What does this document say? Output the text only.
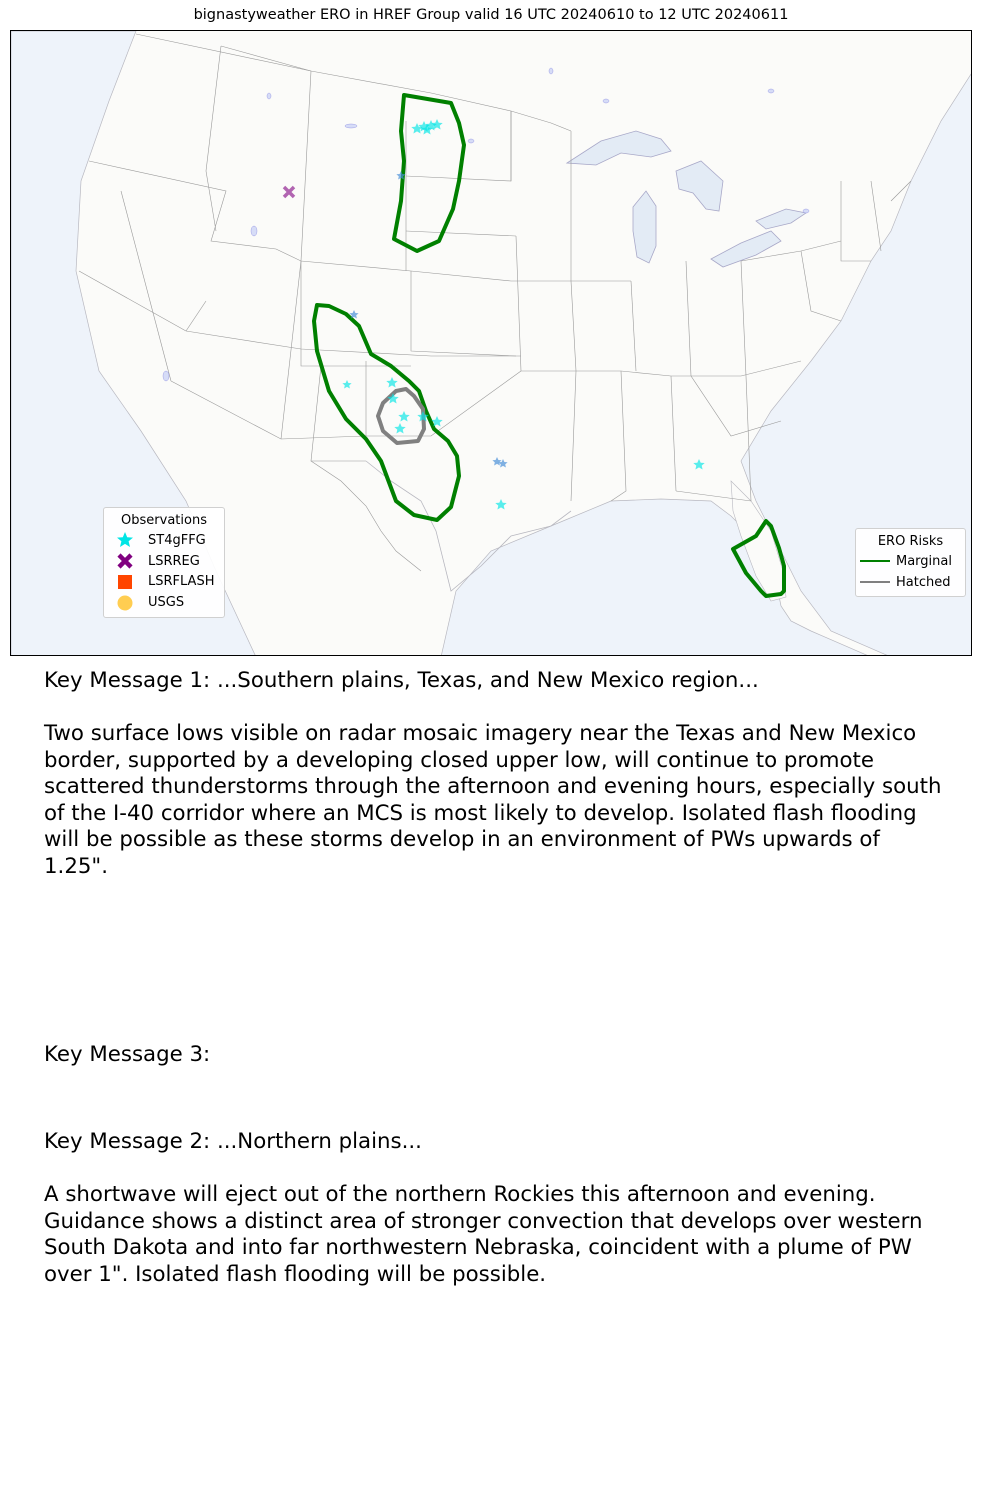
bignastyweather ERO in HREF Group valid 16 UTC 20240610 to 12 UTC 20240611
Observations
ST4gFFG
LSRREG
LSRFLASH
USGS
ERO Risks
Marginal
Hatched

Key Message 1: ...Southern plains, Texas, and New Mexico region...

Two surface lows visible on radar mosaic imagery near the Texas and New Mexico border, supported by a developing closed upper low, will continue to promote scattered thunderstorms through the afternoon and evening hours, especially south of the I-40 corridor where an MCS is most likely to develop. Isolated flash flooding will be possible as these storms develop in an environment of PWs upwards of 1.25".

Key Message 3:

Key Message 2: ...Northern plains...

A shortwave will eject out of the northern Rockies this afternoon and evening. Guidance shows a distinct area of stronger convection that develops over western South Dakota and into far northwestern Nebraska, coincident with a plume of PW over 1". Isolated flash flooding will be possible.
